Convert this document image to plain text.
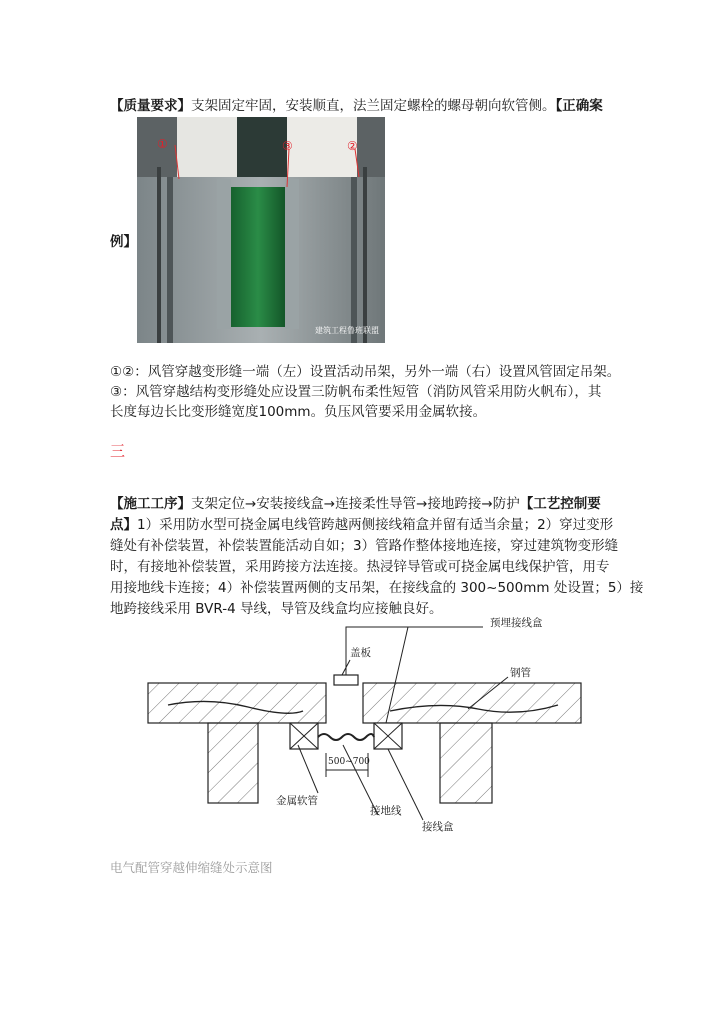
【质量要求】支架固定牢固，安装顺直，法兰固定螺栓的螺母朝向软管侧。【正确案
例】
①	③	②
建筑工程鲁班联盟
①②：风管穿越变形缝一端（左）设置活动吊架，另外一端（右）设置风管固定吊架。
③：风管穿越结构变形缝处应设置三防帆布柔性短管（消防风管采用防火帆布），其
长度每边长比变形缝宽度100mm。负压风管要采用金属软接。
三
【施工工序】支架定位→安装接线盒→连接柔性导管→接地跨接→防护【工艺控制要
点】1）采用防水型可挠金属电线管跨越两侧接线箱盒并留有适当余量；2）穿过变形
缝处有补偿装置，补偿装置能活动自如；3）管路作整体接地连接，穿过建筑物变形缝
时，有接地补偿装置，采用跨接方法连接。热浸锌导管或可挠金属电线保护管，用专
用接地线卡连接；4）补偿装置两侧的支吊架，在接线盒的 300~500mm 处设置；5）接
地跨接线采用 BVR-4 导线，导管及线盒均应接触良好。
预埋接线盒
盖板
钢管
500~700
金属软管
接地线
接线盒
电气配管穿越伸缩缝处示意图
